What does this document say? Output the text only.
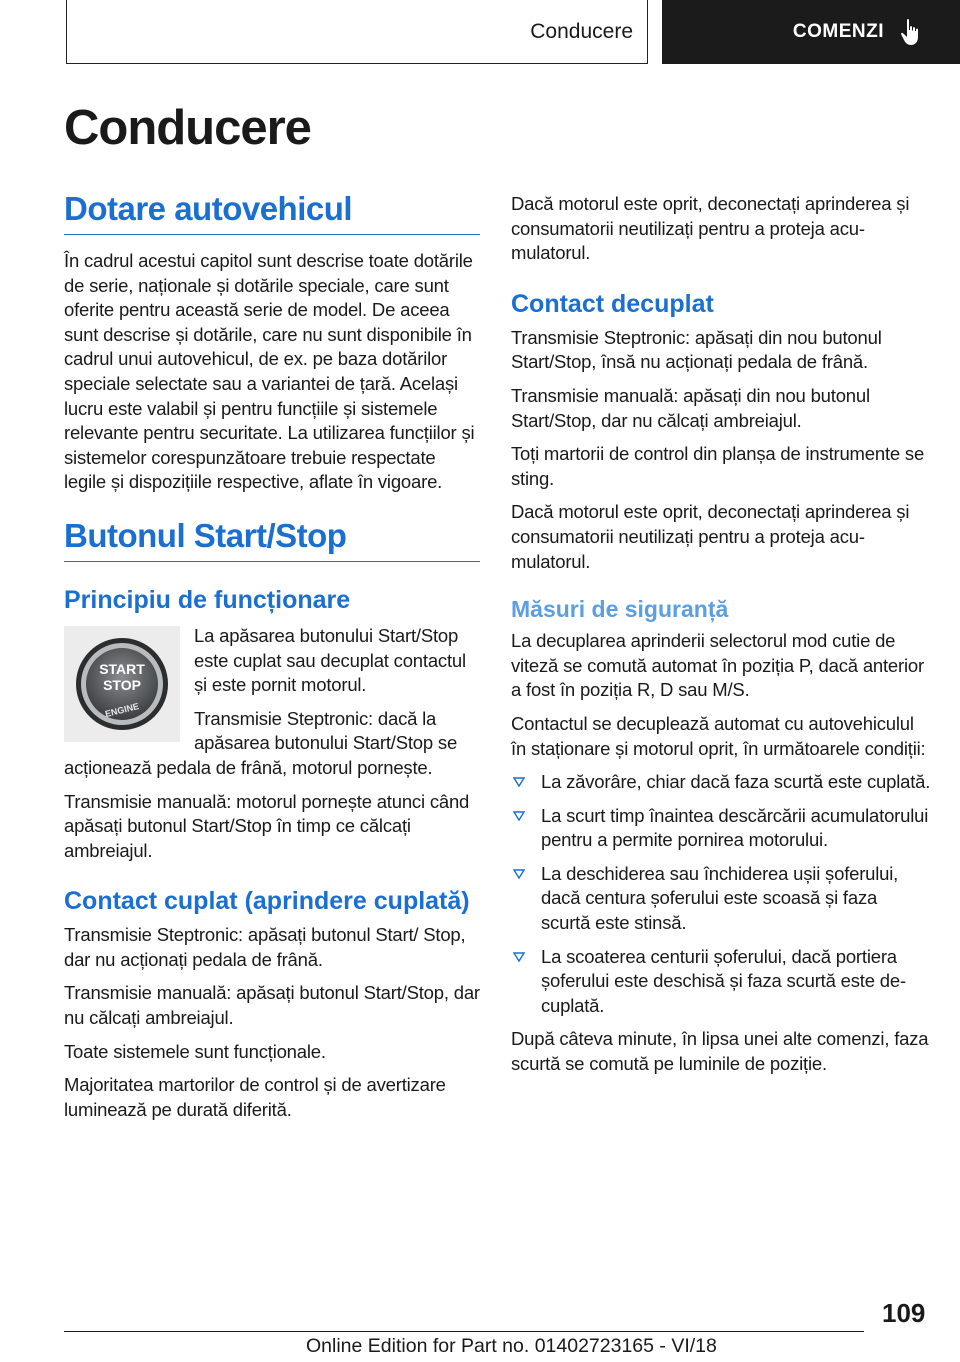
Conducere	COMENZI
Conducere
Dotare autovehicul

În cadrul acestui capitol sunt descrise toate dotările de serie, naționale și dotările speciale, care sunt oferite pentru această serie de model. De aceea sunt descrise și dotările, care nu sunt disponibile în cadrul unui autovehicul, de ex. pe baza dotărilor speciale selectate sau a variantei de țară. Același lucru este valabil și pentru funcțiile și sistemele relevante pentru securitate. La utilizarea funcțiilor și sistemelor corespunzătoare trebuie respectate legile și dispozițiile respective, aflate în vigoare.

Butonul Start/Stop
Principiu de funcționare
START
STOP
ENGINE

La apăsarea butonului Start/Stop este cuplat sau decuplat contactul și este pornit motorul.

Transmisie Steptronic: dacă la apăsarea butonului Start/Stop se acționează pedala de frână, motorul pornește.

Transmisie manuală: motorul pornește atunci când apăsați butonul Start/Stop în timp ce călcați ambreiajul.

Contact cuplat (aprindere cuplată)

Transmisie Steptronic: apăsați butonul Start/ Stop, dar nu acționați pedala de frână.

Transmisie manuală: apăsați butonul Start/Stop, dar nu călcați ambreiajul.

Toate sistemele sunt funcționale.

Majoritatea martorilor de control și de avertizare luminează pe durată diferită.

Dacă motorul este oprit, deconectați aprinderea și consumatorii neutilizați pentru a proteja acumulatorul.

Contact decuplat

Transmisie Steptronic: apăsați din nou butonul Start/Stop, însă nu acționați pedala de frână.

Transmisie manuală: apăsați din nou butonul Start/Stop, dar nu călcați ambreiajul.

Toți martorii de control din planșa de instrumente se sting.

Dacă motorul este oprit, deconectați aprinderea și consumatorii neutilizați pentru a proteja acumulatorul.

Măsuri de siguranță

La decuplarea aprinderii selectorul mod cutie de viteză se comută automat în poziția P, dacă anterior a fost în poziția R, D sau M/S.

Contactul se decuplează automat cu autovehiculul în staționare și motorul oprit, în următoarele condiții:

La zăvorâre, chiar dacă faza scurtă este cuplată.
La scurt timp înaintea descărcării acumulatorului pentru a permite pornirea motorului.
La deschiderea sau închiderea ușii șoferului, dacă centura șoferului este scoasă și faza scurtă este stinsă.
La scoaterea centurii șoferului, dacă portiera șoferului este deschisă și faza scurtă este decuplată.

După câteva minute, în lipsa unei alte comenzi, faza scurtă se comută pe luminile de poziție.

109
Online Edition for Part no. 01402723165 - VI/18
